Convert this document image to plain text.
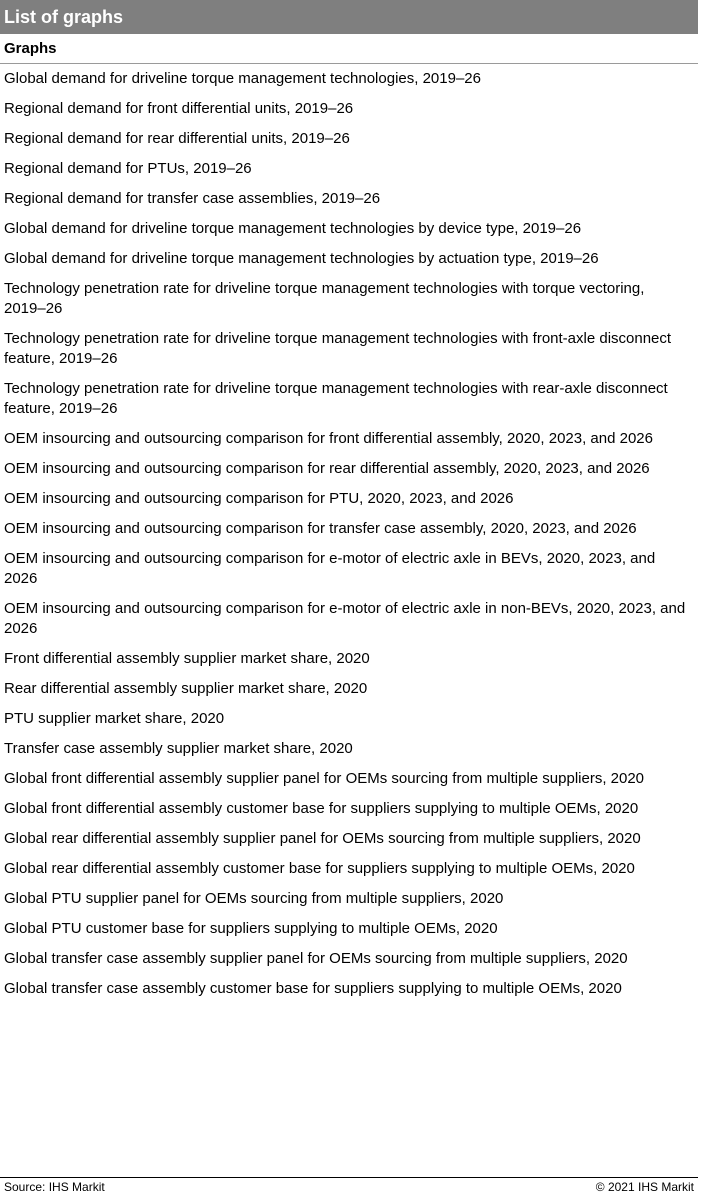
List of graphs
Graphs
Global demand for driveline torque management technologies, 2019–26
Regional demand for front differential units, 2019–26
Regional demand for rear differential units, 2019–26
Regional demand for PTUs, 2019–26
Regional demand for transfer case assemblies, 2019–26
Global demand for driveline torque management technologies by device type, 2019–26
Global demand for driveline torque management technologies by actuation type, 2019–26
Technology penetration rate for driveline torque management technologies with torque vectoring, 2019–26
Technology penetration rate for driveline torque management technologies with front-axle disconnect feature, 2019–26
Technology penetration rate for driveline torque management technologies with rear-axle disconnect feature, 2019–26
OEM insourcing and outsourcing comparison for front differential assembly, 2020, 2023, and 2026
OEM insourcing and outsourcing comparison for rear differential assembly, 2020, 2023, and 2026
OEM insourcing and outsourcing comparison for PTU, 2020, 2023, and 2026
OEM insourcing and outsourcing comparison for transfer case assembly, 2020, 2023, and 2026
OEM insourcing and outsourcing comparison for e-motor of electric axle in BEVs, 2020, 2023, and 2026
OEM insourcing and outsourcing comparison for e-motor of electric axle in non-BEVs, 2020, 2023, and 2026
Front differential assembly supplier market share, 2020
Rear differential assembly supplier market share, 2020
PTU supplier market share, 2020
Transfer case assembly supplier market share, 2020
Global front differential assembly supplier panel for OEMs sourcing from multiple suppliers, 2020
Global front differential assembly customer base for suppliers supplying to multiple OEMs, 2020
Global rear differential assembly supplier panel for OEMs sourcing from multiple suppliers, 2020
Global rear differential assembly customer base for suppliers supplying to multiple OEMs, 2020
Global PTU supplier panel for OEMs sourcing from multiple suppliers, 2020
Global PTU customer base for suppliers supplying to multiple OEMs, 2020
Global transfer case assembly supplier panel for OEMs sourcing from multiple suppliers, 2020
Global transfer case assembly customer base for suppliers supplying to multiple OEMs, 2020
Source: IHS Markit	© 2021 IHS Markit
